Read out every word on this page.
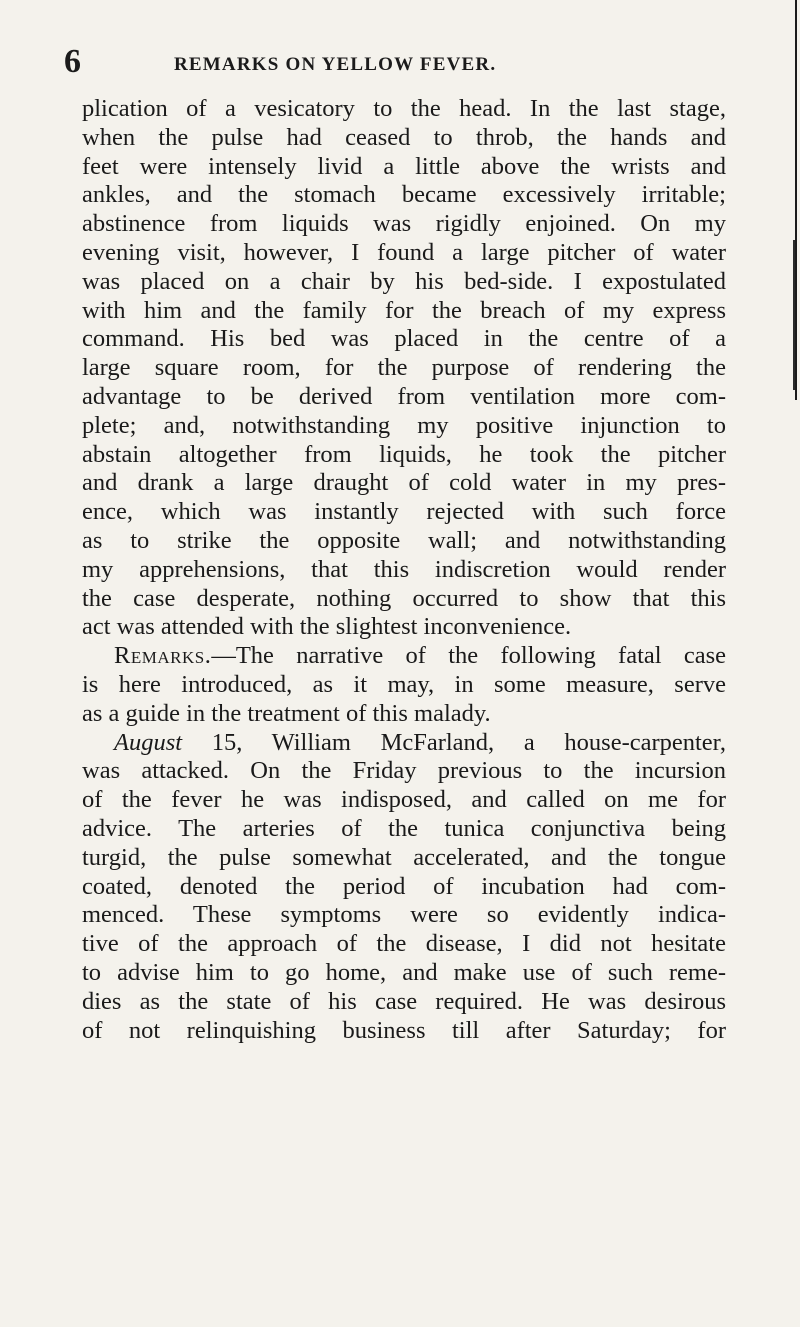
6	REMARKS ON YELLOW FEVER.
plication of a vesicatory to the head. In the last stage,
when the pulse had ceased to throb, the hands and
feet were intensely livid a little above the wrists and
ankles, and the stomach became excessively irritable;
abstinence from liquids was rigidly enjoined. On my
evening visit, however, I found a large pitcher of water
was placed on a chair by his bed-side. I expostulated
with him and the family for the breach of my express
command. His bed was placed in the centre of a
large square room, for the purpose of rendering the
advantage to be derived from ventilation more com-
plete; and, notwithstanding my positive injunction to
abstain altogether from liquids, he took the pitcher
and drank a large draught of cold water in my pres-
ence, which was instantly rejected with such force
as to strike the opposite wall; and notwithstanding
my apprehensions, that this indiscretion would render
the case desperate, nothing occurred to show that this
act was attended with the slightest inconvenience.
Remarks.—The narrative of the following fatal case
is here introduced, as it may, in some measure, serve
as a guide in the treatment of this malady.
August 15, William McFarland, a house-carpenter,
was attacked. On the Friday previous to the incursion
of the fever he was indisposed, and called on me for
advice. The arteries of the tunica conjunctiva being
turgid, the pulse somewhat accelerated, and the tongue
coated, denoted the period of incubation had com-
menced. These symptoms were so evidently indica-
tive of the approach of the disease, I did not hesitate
to advise him to go home, and make use of such reme-
dies as the state of his case required. He was desirous
of not relinquishing business till after Saturday; for
